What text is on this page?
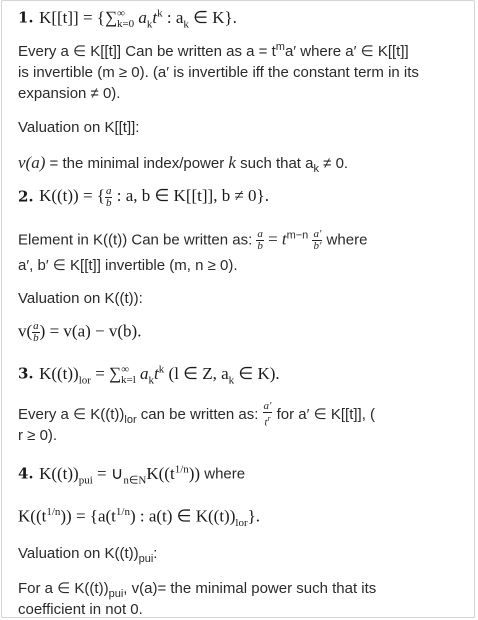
1. $K[[t]] = \{\sum^\infty_{k=0}$ $a_kt^k$ : $a_k$ ∈ K}.
Every a ∈ K[[t]] Can be written as $a = t^ma'$ where a′ ∈ K[[t]]
is invertible (m ≥ 0). (a′ is invertible iff the constant term in its
expansion ≠ 0).
Valuation on K[[t]]:
v(a) = the minimal index/power k such that $a_k \ne 0$.
2. K((t)) = { $\frac{a}{b}$ : a, b ∈ K[[t]], b ≠ 0}.
Element in K((t)) Can be written as: $\frac{a}{b} = t^{m-n} \frac{a'}{b'}$ where
a′, b′ ∈ K[[t]] invertible (m, n ≥ 0).
Valuation on K((t)):
$v( \frac{a}{b}$ ) = v(a) − v(b).
3. $K((t))_{lor} = \sum^\infty_{k=l}$ $a_kt^k$ (l ∈ Z, $a_k$ ∈ K).
Every a ∈ $K((t))_{lor}$ can be written as: $\frac{a'}{t^r}$ for a′ ∈ K[[t]], (
r ≥ 0).
4. $K((t))_{pui}$ = $\cup_{n\in N}K((t^{1/n}))$ where
$K((t^{1/n})) = \{a(t^{1/n})$ : a(t) ∈ $K((t))_{lor}$}.
Valuation on $K((t))_{pui}$:
For a ∈ $K((t))_{pui}$, v(a)= the minimal power such that its
coefficient in not 0.
